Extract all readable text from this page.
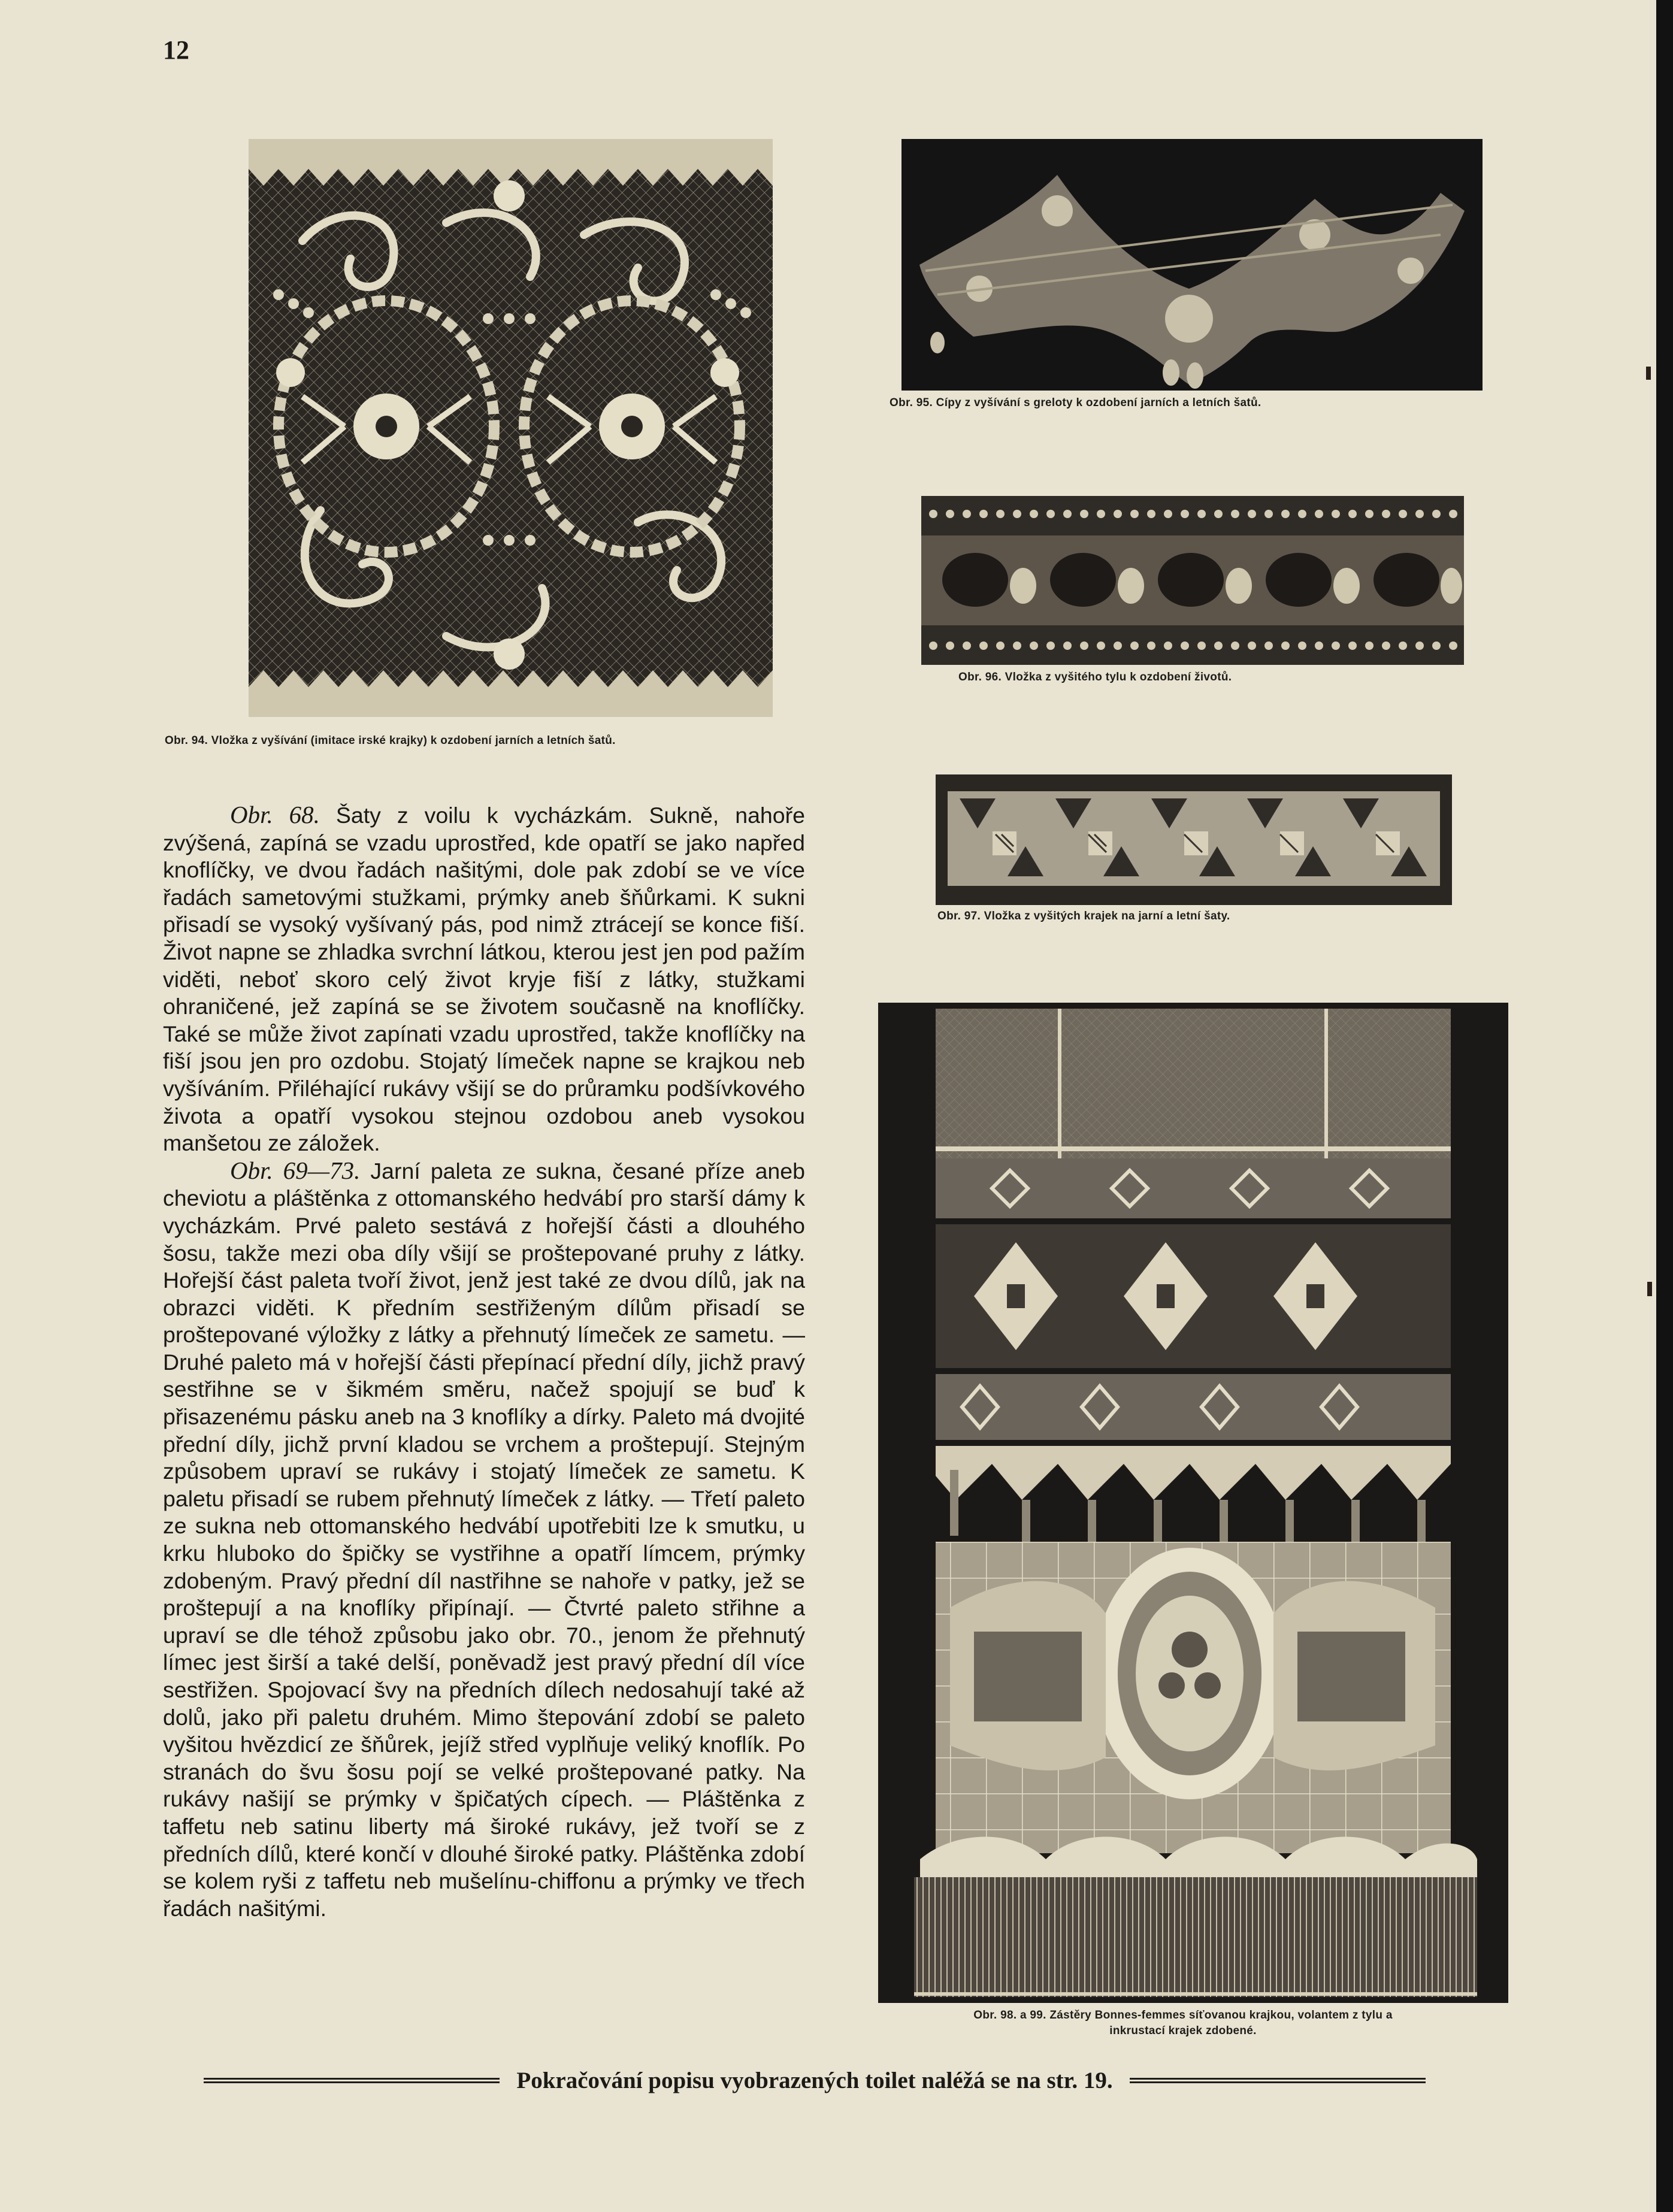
12
Obr. 94. Vložka z vyšívání (imitace irské krajky) k ozdobení jarních a letních šatů.
Obr. 95. Cípy z vyšívání s greloty k ozdobení jarních a letních šatů.
Obr. 96. Vložka z vyšitého tylu k ozdobení životů.
Obr. 97. Vložka z vyšitých krajek na jarní a letní šaty.
Obr. 98. a 99. Zástěry Bonnes-femmes síťovanou krajkou, volantem z tylu a
inkrustací krajek zdobené.

Obr. 68. Šaty z voilu k vycházkám. Sukně, nahoře zvýšená, zapíná se vzadu uprostřed, kde opatří se jako napřed knoflíčky, ve dvou řadách našitými, dole pak zdobí se ve více řadách sametovými stužkami, prýmky aneb šňůrkami. K sukni přisadí se vysoký vyšívaný pás, pod nimž ztrácejí se konce fiší. Život napne se zhladka svrchní látkou, kterou jest jen pod pažím viděti, neboť skoro celý život kryje fiší z látky, stužkami ohraničené, jež zapíná se se životem současně na knoflíčky. Také se může život zapínati vzadu uprostřed, takže knoflíčky na fiší jsou jen pro ozdobu. Stojatý límeček napne se krajkou neb vyšíváním. Přiléhající rukávy všijí se do průramku podšívkového života a opatří vysokou stejnou ozdobou aneb vysokou manšetou ze záložek.

Obr. 69—73. Jarní paleta ze sukna, česané příze aneb cheviotu a pláštěnka z ottomanského hedvábí pro starší dámy k vycházkám. Prvé paleto sestává z hořejší části a dlouhého šosu, takže mezi oba díly všijí se proštepované pruhy z látky. Hořejší část paleta tvoří život, jenž jest také ze dvou dílů, jak na obrazci viděti. K předním sestřiženým dílům přisadí se proštepované výložky z látky a přehnutý límeček ze sametu. — Druhé paleto má v hořejší části přepínací přední díly, jichž pravý sestřihne se v šikmém směru, načež spojují se buď k přisazenému pásku aneb na 3 knoflíky a dírky. Paleto má dvojité přední díly, jichž první kladou se vrchem a proštepují. Stejným způsobem upraví se rukávy i stojatý límeček ze sametu. K paletu přisadí se rubem přehnutý límeček z látky. — Třetí paleto ze sukna neb ottomanského hedvábí upotřebiti lze k smutku, u krku hluboko do špičky se vystřihne a opatří límcem, prýmky zdobeným. Pravý přední díl nastřihne se nahoře v patky, jež se proštepují a na knoflíky připínají. — Čtvrté paleto střihne a upraví se dle téhož způsobu jako obr. 70., jenom že přehnutý límec jest širší a také delší, poněvadž jest pravý přední díl více sestřižen. Spojovací švy na předních dílech nedosahují také až dolů, jako při paletu druhém. Mimo štepování zdobí se paleto vyšitou hvězdicí ze šňůrek, jejíž střed vyplňuje veliký knoflík. Po stranách do švu šosu pojí se velké proštepované patky. Na rukávy našijí se prýmky v špičatých cípech. — Pláštěnka z taffetu neb satinu liberty má široké rukávy, jež tvoří se z předních dílů, které končí v dlouhé široké patky. Pláštěnka zdobí se kolem ryši z taffetu neb mušelínu-chiffonu a prýmky ve třech řadách našitými.

Pokračování popisu vyobrazených toilet naléžá se na str. 19.
